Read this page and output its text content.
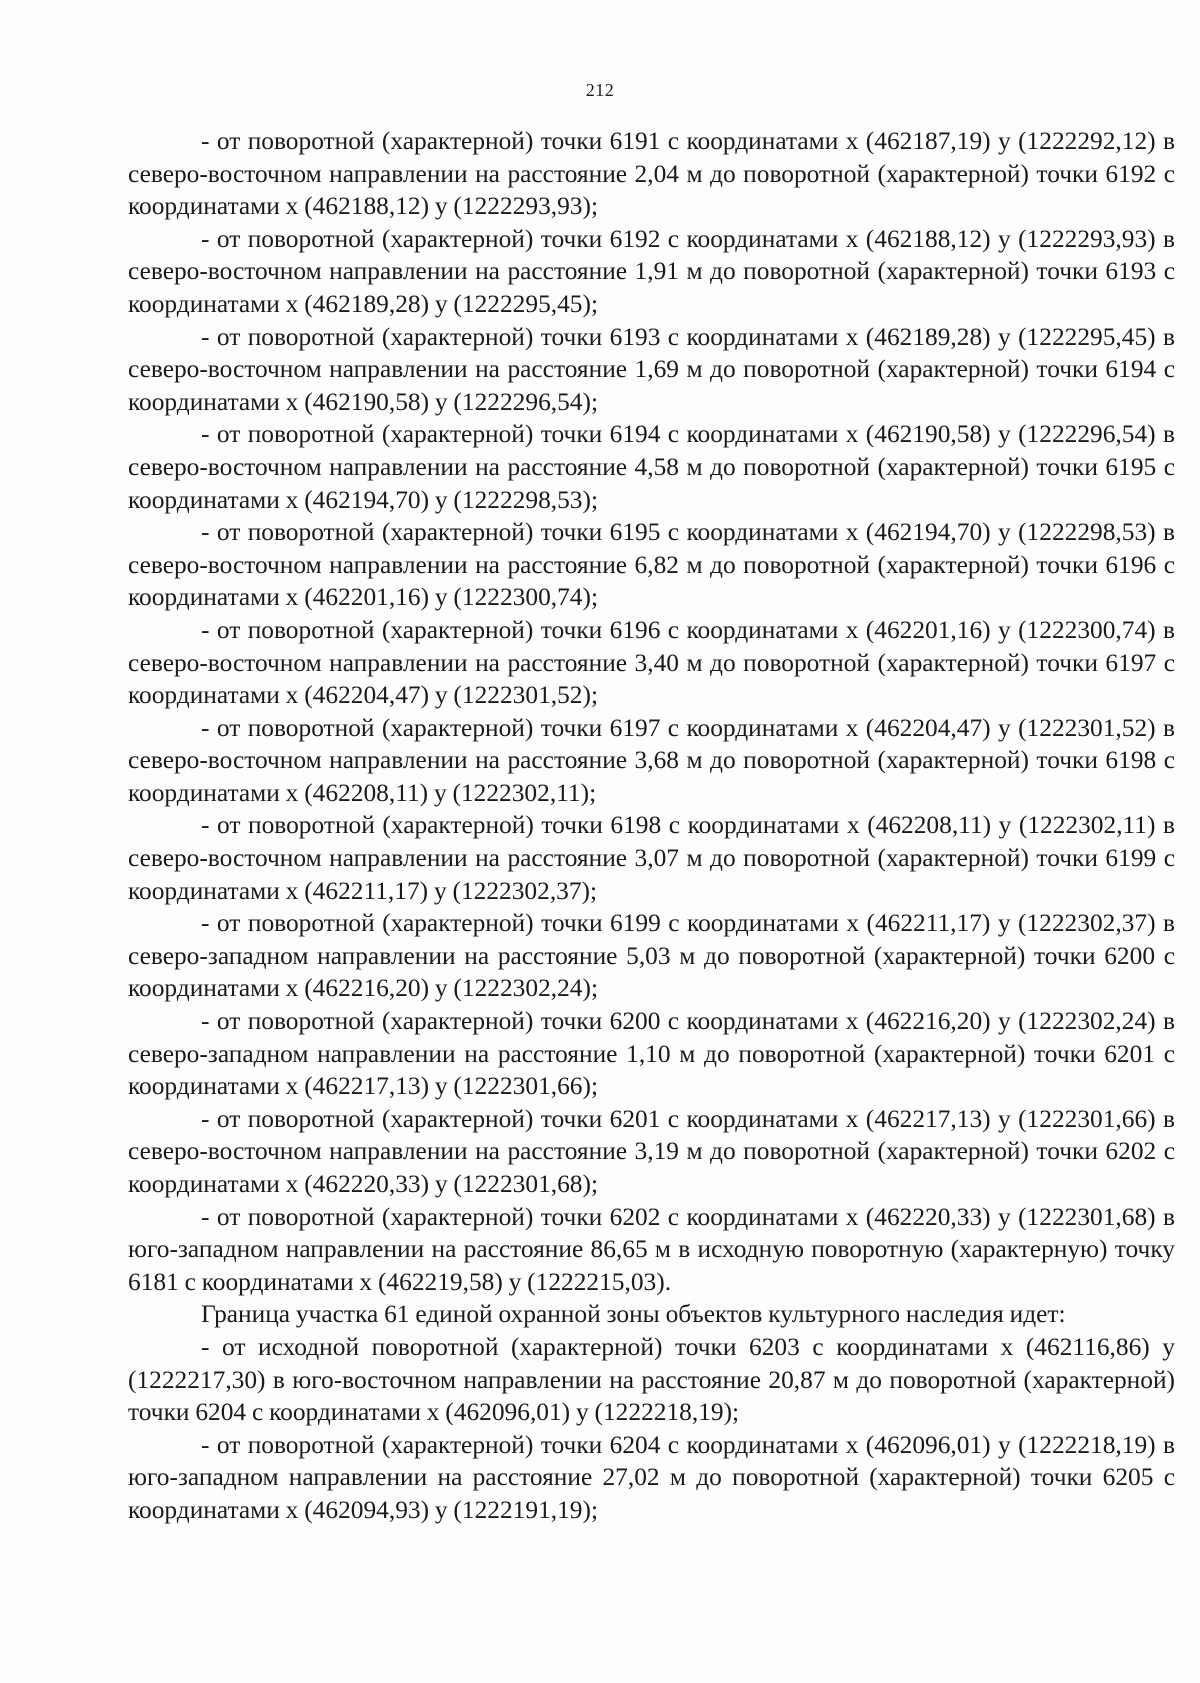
212

- от поворотной (характерной) точки 6191 с координатами x (462187,19) y (1222292,12) в северо-восточном направлении на расстояние 2,04 м до поворотной (характерной) точки 6192 с координатами x (462188,12) y (1222293,93);

- от поворотной (характерной) точки 6192 с координатами x (462188,12) y (1222293,93) в северо-восточном направлении на расстояние 1,91 м до поворотной (характерной) точки 6193 с координатами x (462189,28) y (1222295,45);

- от поворотной (характерной) точки 6193 с координатами x (462189,28) y (1222295,45) в северо-восточном направлении на расстояние 1,69 м до поворотной (характерной) точки 6194 с координатами x (462190,58) y (1222296,54);

- от поворотной (характерной) точки 6194 с координатами x (462190,58) y (1222296,54) в северо-восточном направлении на расстояние 4,58 м до поворотной (характерной) точки 6195 с координатами x (462194,70) y (1222298,53);

- от поворотной (характерной) точки 6195 с координатами x (462194,70) y (1222298,53) в северо-восточном направлении на расстояние 6,82 м до поворотной (характерной) точки 6196 с координатами x (462201,16) y (1222300,74);

- от поворотной (характерной) точки 6196 с координатами x (462201,16) y (1222300,74) в северо-восточном направлении на расстояние 3,40 м до поворотной (характерной) точки 6197 с координатами x (462204,47) y (1222301,52);

- от поворотной (характерной) точки 6197 с координатами x (462204,47) y (1222301,52) в северо-восточном направлении на расстояние 3,68 м до поворотной (характерной) точки 6198 с координатами x (462208,11) y (1222302,11);

- от поворотной (характерной) точки 6198 с координатами x (462208,11) y (1222302,11) в северо-восточном направлении на расстояние 3,07 м до поворотной (характерной) точки 6199 с координатами x (462211,17) y (1222302,37);

- от поворотной (характерной) точки 6199 с координатами x (462211,17) y (1222302,37) в северо-западном направлении на расстояние 5,03 м до поворотной (характерной) точки 6200 с координатами x (462216,20) y (1222302,24);

- от поворотной (характерной) точки 6200 с координатами x (462216,20) y (1222302,24) в северо-западном направлении на расстояние 1,10 м до поворотной (характерной) точки 6201 с координатами x (462217,13) y (1222301,66);

- от поворотной (характерной) точки 6201 с координатами x (462217,13) y (1222301,66) в северо-восточном направлении на расстояние 3,19 м до поворотной (характерной) точки 6202 с координатами x (462220,33) y (1222301,68);

- от поворотной (характерной) точки 6202 с координатами x (462220,33) y (1222301,68) в юго-западном направлении на расстояние 86,65 м в исходную поворотную (характерную) точку 6181 с координатами x (462219,58) y (1222215,03).

Граница участка 61 единой охранной зоны объектов культурного наследия идет:

- от исходной поворотной (характерной) точки 6203 с координатами x (462116,86) y (1222217,30) в юго-восточном направлении на расстояние 20,87 м до поворотной (характерной) точки 6204 с координатами x (462096,01) y (1222218,19);

- от поворотной (характерной) точки 6204 с координатами x (462096,01) y (1222218,19) в юго-западном направлении на расстояние 27,02 м до поворотной (характерной) точки 6205 с координатами x (462094,93) y (1222191,19);
